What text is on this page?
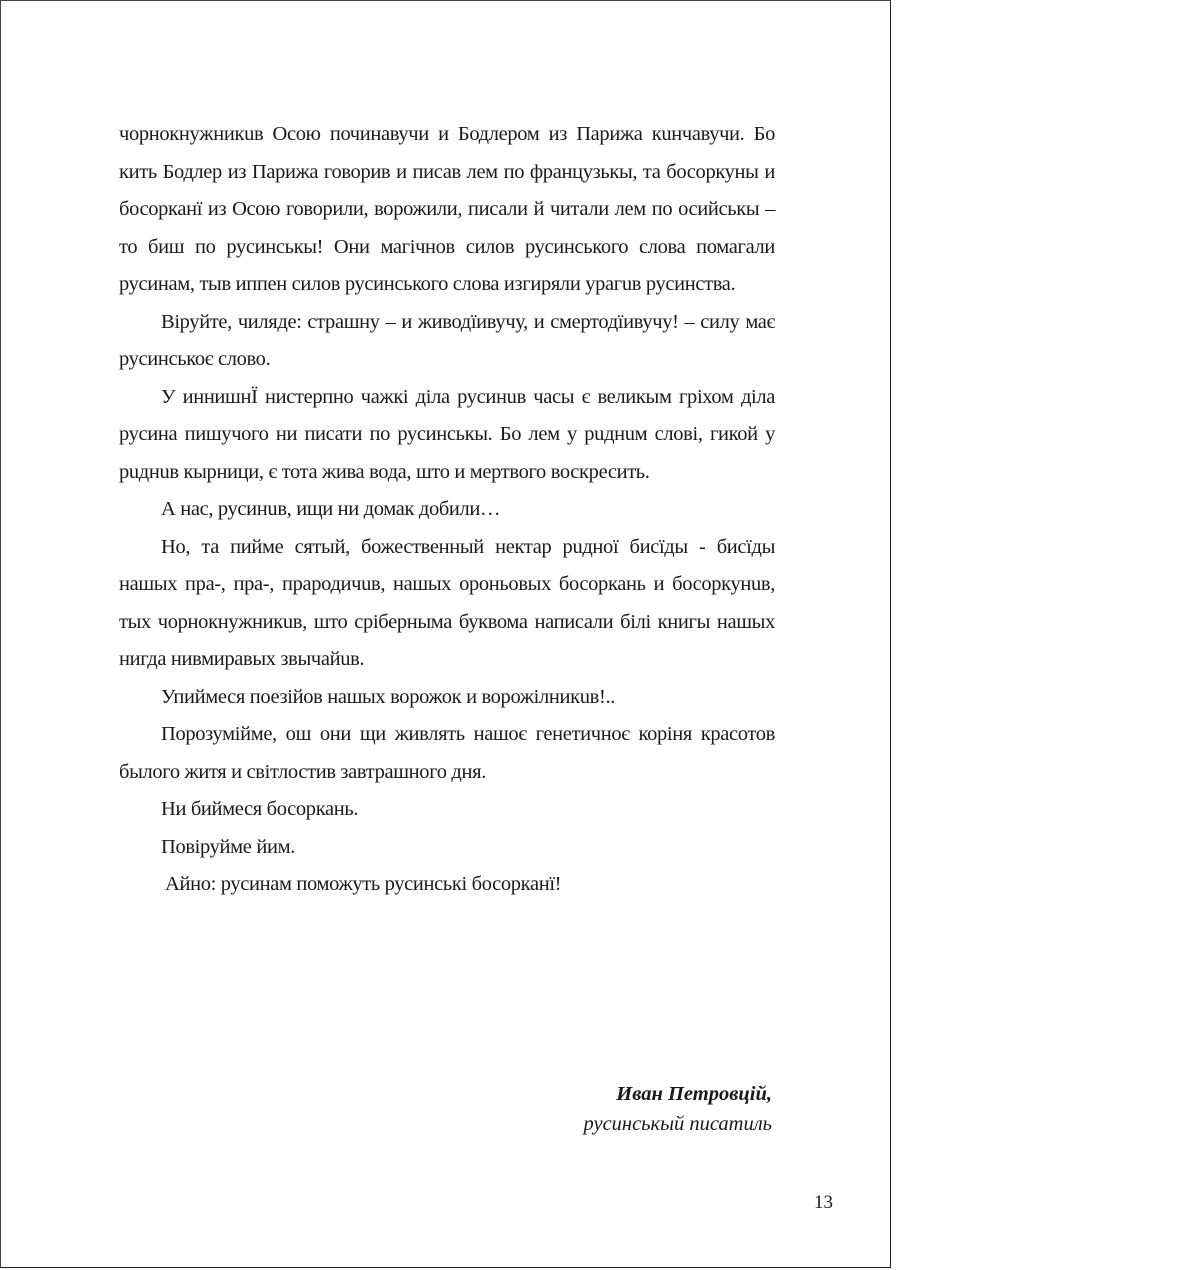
чорнокнyжникuв Осою починавучи и Бодлером из Парижа кuнчавучи. Бо кить Бодлер из Парижа говорив и писав лем по французькы, та босоркуны и босорканї из Осою говорили, ворожили, писали й читали лем по осийськы – то биш по русинськы! Они магічнов силов русинського слова помагали русинам, тыв иппен силов русинського слова изгиряли урагuв русинства.

Віруйте, чиляде: страшну – и живодїивучу, и смертодїивучу! – силу має русинськоє слово.

У иннишнЇ нистерпно чажкі діла русинuв часы є великым гріхом діла русина пишучого ни писати по русинськы. Бо лем у рuднuм слові, гикой у рuднuв кырници, є тота жива вода, што и мертвого воскресить.

А нас, русинuв, ищи ни домак добили…

Но, та пийме сятый, божественный нектар рuдної бисїды - бисїды нашых пра-, пра-, прародичuв, нашых ороньовых босоркань и босоркунuв, тых чорнокнyжникuв, што сріберныма буквома написали білі книгы нашых нигда нивмиравых звычайuв.

Упиймеся поезійов нашых ворожок и ворожілникuв!..

Порозумійме, ош они щи живлять нашоє генетичноє коріня красотов былого житя и світлостив завтрашного дня.

Ни биймеся босоркань.

Повіруйме йим.

Айно: русинам поможуть русинські босорканї!

Иван Петровцій,
русинськый писатиль
13
